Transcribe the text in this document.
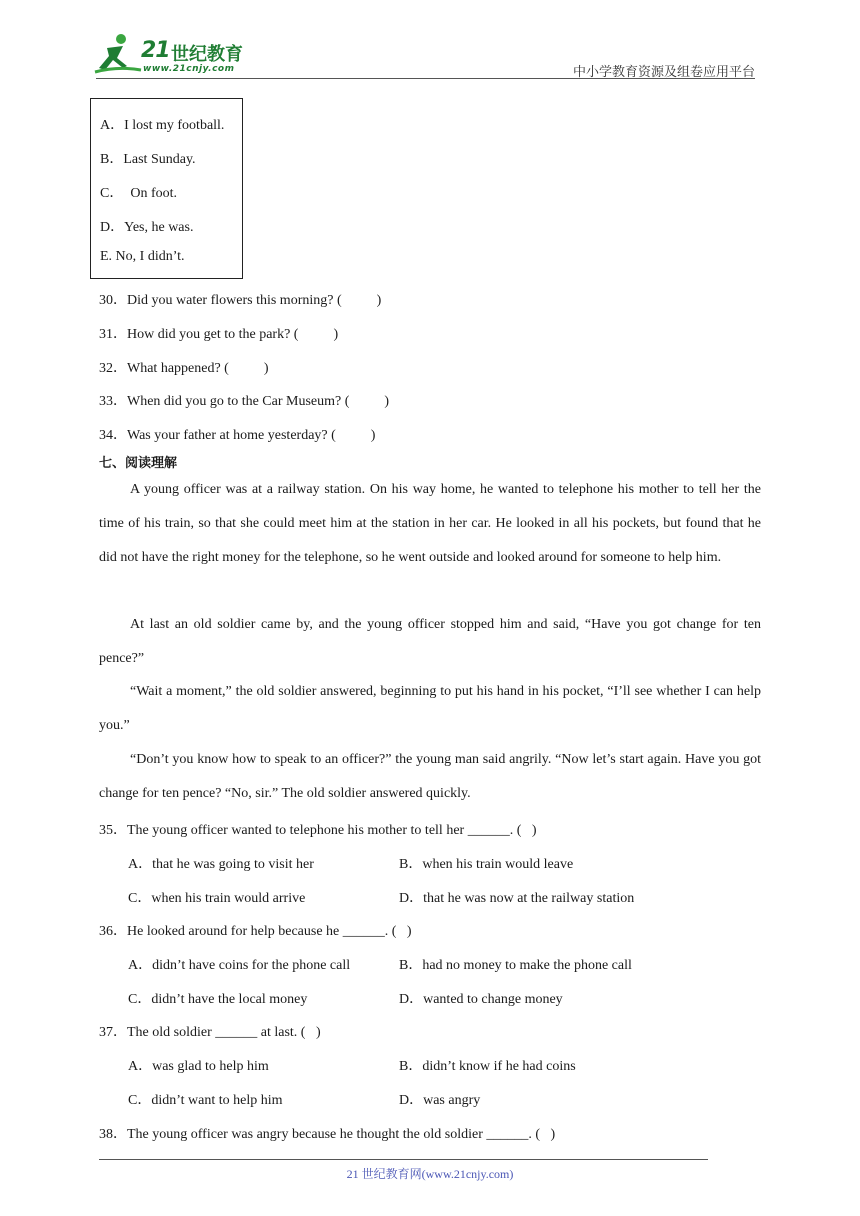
21 世纪教育
www.21cnjy.com	中小学教育资源及组卷应用平台
A．I lost my football.
B．Last Sunday.
C．  On foot.
D．Yes, he was.
E. No, I didn’t.
30．Did you water flowers this morning? (          )
31．How did you get to the park? (          )
32．What happened? (          )
33．When did you go to the Car Museum? (          )
34．Was your father at home yesterday? (          )
七、阅读理解
A young officer was at a railway station. On his way home, he wanted to telephone his mother to tell her the time of his train, so that she could meet him at the station in her car. He looked in all his pockets, but found that he did not have the right money for the telephone, so he went outside and looked around for someone to help him.
At last an old soldier came by, and the young officer stopped him and said, “Have you got change for ten pence?”
“Wait a moment,” the old soldier answered, beginning to put his hand in his pocket, “I’ll see whether I can help you.”
“Don’t you know how to speak to an officer?” the young man said angrily. “Now let’s start again. Have you got change for ten pence? “No, sir.” The old soldier answered quickly.
35．The young officer wanted to telephone his mother to tell her ______. (   )
A．that he was going to visit her	B．when his train would leave
C．when his train would arrive	D．that he was now at the railway station
36．He looked around for help because he ______. (   )
A．didn’t have coins for the phone call	B．had no money to make the phone call
C．didn’t have the local money	D．wanted to change money
37．The old soldier ______ at last. (   )
A．was glad to help him	B．didn’t know if he had coins
C．didn’t want to help him	D．was angry
38．The young officer was angry because he thought the old soldier ______. (   )
21 世纪教育网(www.21cnjy.com)
